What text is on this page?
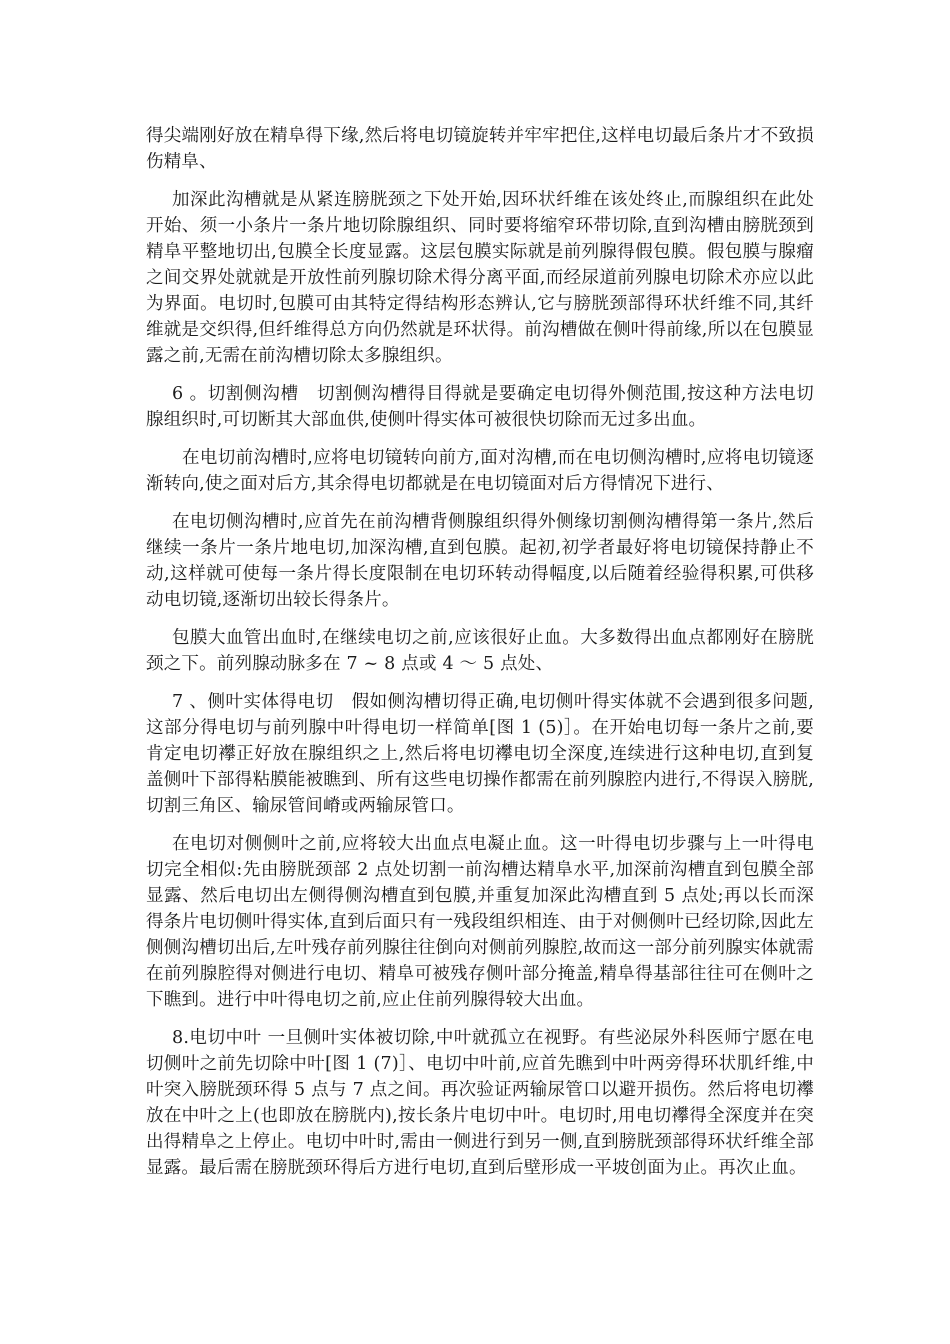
得尖端刚好放在精阜得下缘,然后将电切镜旋转并牢牢把住,这样电切最后条片才不致损伤精阜、

加深此沟槽就是从紧连膀胱颈之下处开始,因环状纤维在该处终止,而腺组织在此处开始、须一小条片一条片地切除腺组织、同时要将缩窄环带切除,直到沟槽由膀胱颈到精阜平整地切出,包膜全长度显露。这层包膜实际就是前列腺得假包膜。假包膜与腺瘤之间交界处就就是开放性前列腺切除术得分离平面,而经尿道前列腺电切除术亦应以此为界面。电切时,包膜可由其特定得结构形态辨认,它与膀胱颈部得环状纤维不同,其纤维就是交织得,但纤维得总方向仍然就是环状得。前沟槽做在侧叶得前缘,所以在包膜显露之前,无需在前沟槽切除太多腺组织。

6 。切割侧沟槽　切割侧沟槽得目得就是要确定电切得外侧范围,按这种方法电切腺组织时,可切断其大部血供,使侧叶得实体可被很快切除而无过多出血。

在电切前沟槽时,应将电切镜转向前方,面对沟槽,而在电切侧沟槽时,应将电切镜逐渐转向,使之面对后方,其余得电切都就是在电切镜面对后方得情况下进行、

在电切侧沟槽时,应首先在前沟槽背侧腺组织得外侧缘切割侧沟槽得第一条片,然后继续一条片一条片地电切,加深沟槽,直到包膜。起初,初学者最好将电切镜保持静止不动,这样就可使每一条片得长度限制在电切环转动得幅度,以后随着经验得积累,可供移动电切镜,逐渐切出较长得条片。

包膜大血管出血时,在继续电切之前,应该很好止血。大多数得出血点都刚好在膀胱颈之下。前列腺动脉多在 7 ~ 8 点或 4 ～ 5 点处、

7 、侧叶实体得电切　假如侧沟槽切得正确,电切侧叶得实体就不会遇到很多问题,这部分得电切与前列腺中叶得电切一样简单[图 1 (5)］。在开始电切每一条片之前,要肯定电切襻正好放在腺组织之上,然后将电切襻电切全深度,连续进行这种电切,直到复盖侧叶下部得粘膜能被瞧到、所有这些电切操作都需在前列腺腔内进行,不得误入膀胱,切割三角区、输尿管间嵴或两输尿管口。

在电切对侧侧叶之前,应将较大出血点电凝止血。这一叶得电切步骤与上一叶得电切完全相似:先由膀胱颈部 2 点处切割一前沟槽达精阜水平,加深前沟槽直到包膜全部显露、然后电切出左侧得侧沟槽直到包膜,并重复加深此沟槽直到 5 点处;再以长而深得条片电切侧叶得实体,直到后面只有一残段组织相连、由于对侧侧叶已经切除,因此左侧侧沟槽切出后,左叶残存前列腺往往倒向对侧前列腺腔,故而这一部分前列腺实体就需在前列腺腔得对侧进行电切、精阜可被残存侧叶部分掩盖,精阜得基部往往可在侧叶之下瞧到。进行中叶得电切之前,应止住前列腺得较大出血。

8.电切中叶 一旦侧叶实体被切除,中叶就孤立在视野。有些泌尿外科医师宁愿在电切侧叶之前先切除中叶[图 1 (7)］、电切中叶前,应首先瞧到中叶两旁得环状肌纤维,中叶突入膀胱颈环得 5 点与 7 点之间。再次验证两输尿管口以避开损伤。然后将电切襻放在中叶之上(也即放在膀胱内),按长条片电切中叶。电切时,用电切襻得全深度并在突出得精阜之上停止。电切中叶时,需由一侧进行到另一侧,直到膀胱颈部得环状纤维全部显露。最后需在膀胱颈环得后方进行电切,直到后壁形成一平坡创面为止。再次止血。
